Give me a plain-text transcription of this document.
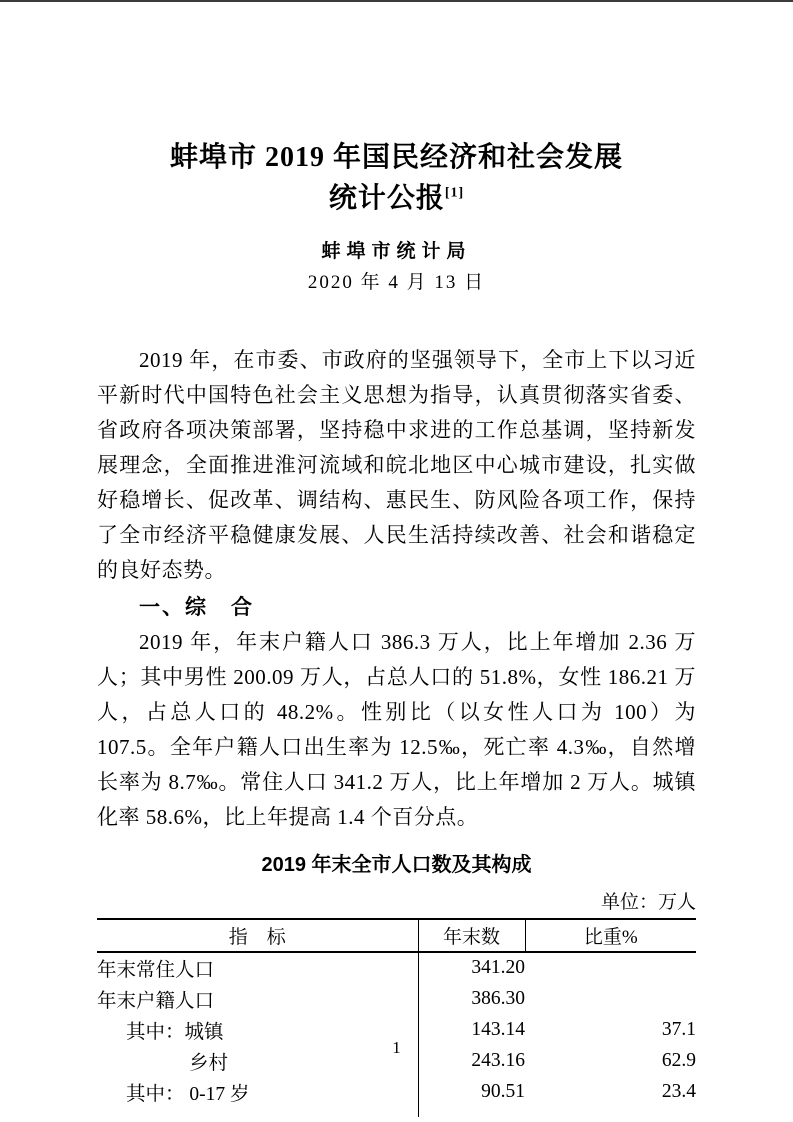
蚌埠市 2019 年国民经济和社会发展
统计公报[1]
蚌埠市统计局
2020 年 4 月 13 日

2019 年，在市委、市政府的坚强领导下，全市上下以习近平新时代中国特色社会主义思想为指导，认真贯彻落实省委、省政府各项决策部署，坚持稳中求进的工作总基调，坚持新发展理念，全面推进淮河流域和皖北地区中心城市建设，扎实做好稳增长、促改革、调结构、惠民生、防风险各项工作，保持了全市经济平稳健康发展、人民生活持续改善、社会和谐稳定的良好态势。

一、综　合

2019 年，年末户籍人口 386.3 万人，比上年增加 2.36 万人；其中男性 200.09 万人，占总人口的 51.8%，女性 186.21 万人，占总人口的 48.2%。性别比（以女性人口为 100）为 107.5。全年户籍人口出生率为 12.5‰，死亡率 4.3‰，自然增长率为 8.7‰。常住人口 341.2 万人，比上年增加 2 万人。城镇化率 58.6%，比上年提高 1.4 个百分点。

2019 年末全市人口数及其构成
单位：万人
指　标	年末数	比重%
年末常住人口	341.20	
年末户籍人口	386.30	
其中：城镇	143.14	37.1
乡村	243.16	62.9
其中： 0-17 岁	90.51	23.4

1
